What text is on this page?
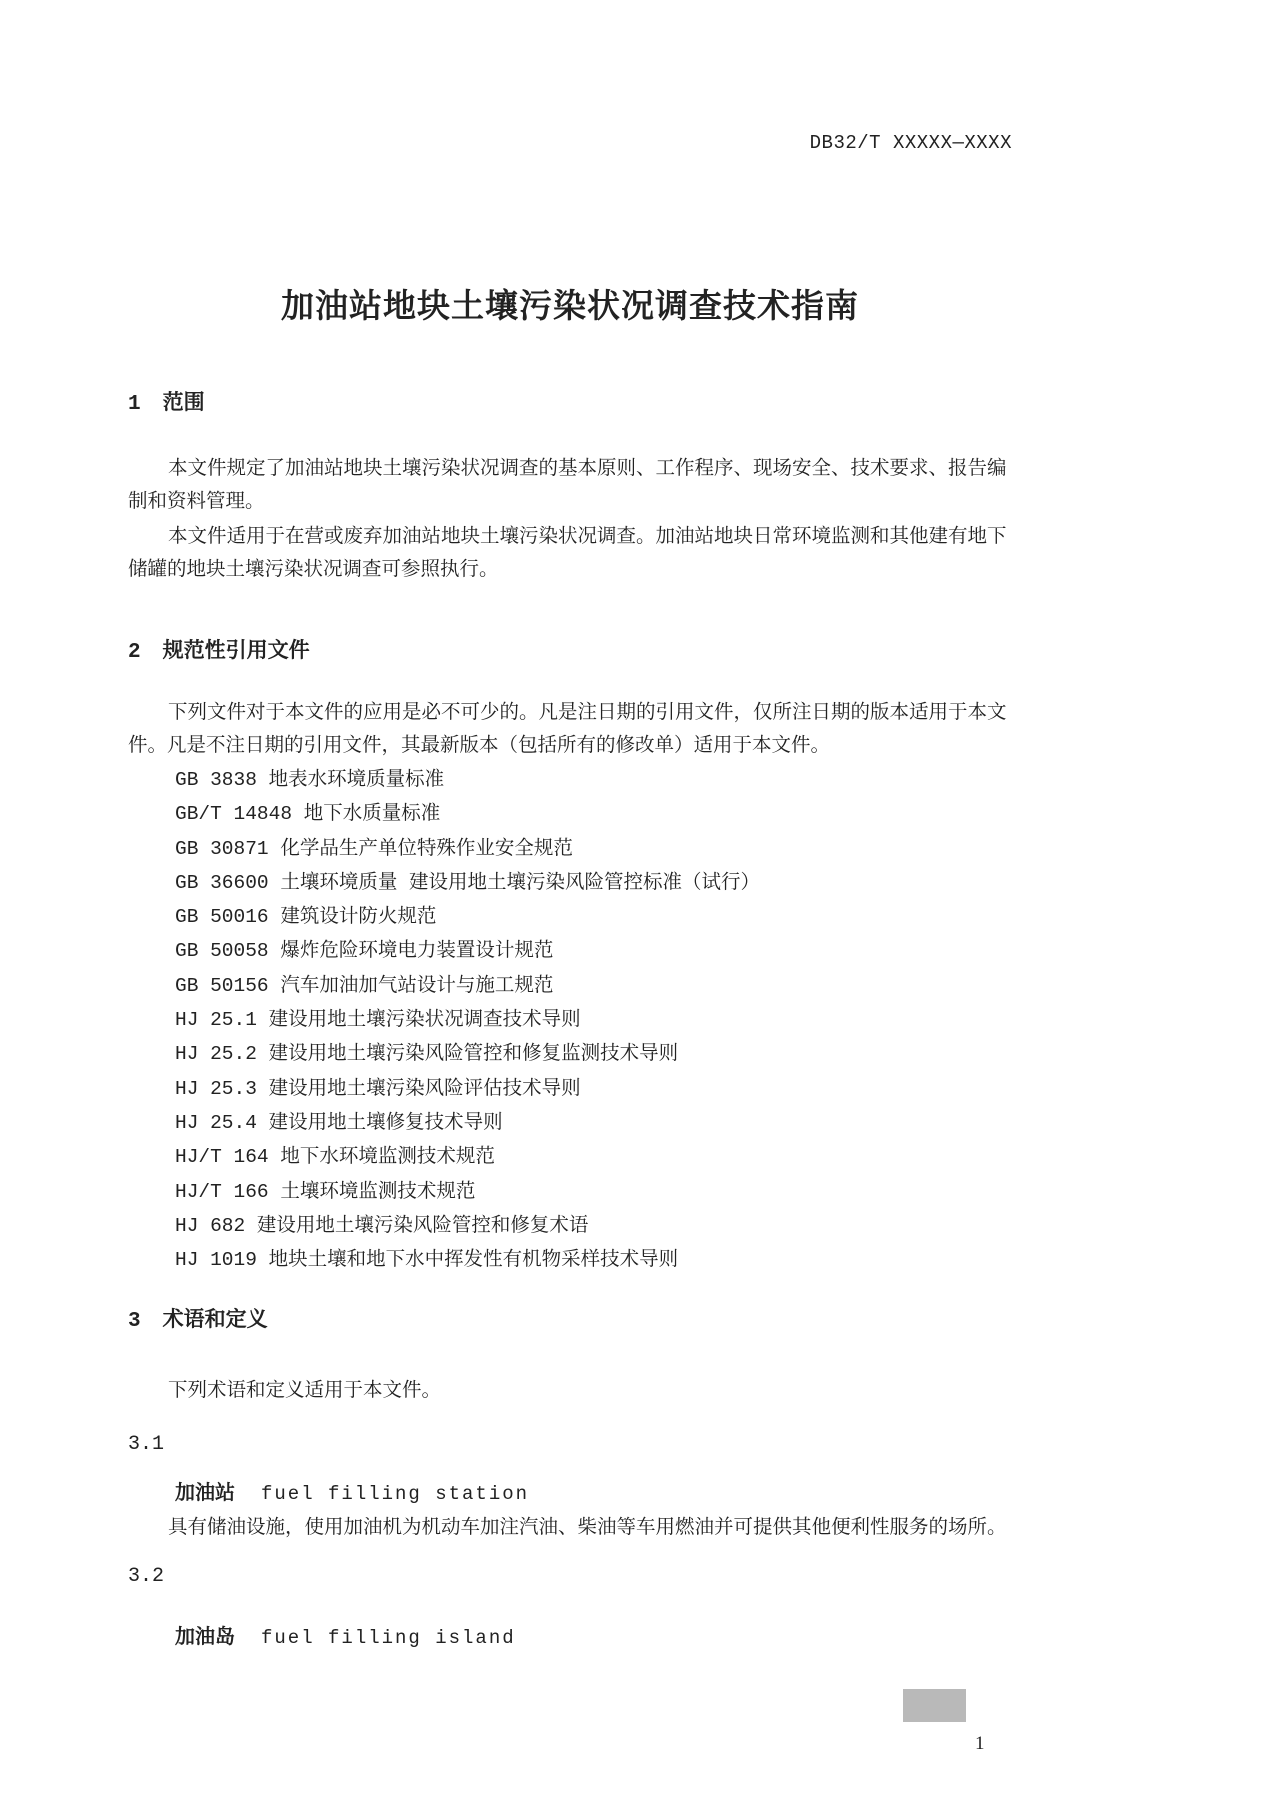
DB32/T XXXXX—XXXX
加油站地块土壤污染状况调查技术指南
1 范围
本文件规定了加油站地块土壤污染状况调查的基本原则、工作程序、现场安全、技术要求、报告编
制和资料管理。
本文件适用于在营或废弃加油站地块土壤污染状况调查。加油站地块日常环境监测和其他建有地下
储罐的地块土壤污染状况调查可参照执行。
2 规范性引用文件
下列文件对于本文件的应用是必不可少的。凡是注日期的引用文件，仅所注日期的版本适用于本文
件。凡是不注日期的引用文件，其最新版本（包括所有的修改单）适用于本文件。
GB 3838 地表水环境质量标准
GB/T 14848 地下水质量标准
GB 30871 化学品生产单位特殊作业安全规范
GB 36600 土壤环境质量 建设用地土壤污染风险管控标准（试行）
GB 50016 建筑设计防火规范
GB 50058 爆炸危险环境电力装置设计规范
GB 50156 汽车加油加气站设计与施工规范
HJ 25.1 建设用地土壤污染状况调查技术导则
HJ 25.2 建设用地土壤污染风险管控和修复监测技术导则
HJ 25.3 建设用地土壤污染风险评估技术导则
HJ 25.4 建设用地土壤修复技术导则
HJ/T 164 地下水环境监测技术规范
HJ/T 166 土壤环境监测技术规范
HJ 682 建设用地土壤污染风险管控和修复术语
HJ 1019 地块土壤和地下水中挥发性有机物采样技术导则
3 术语和定义
下列术语和定义适用于本文件。
3.1
加油站 fuel filling station
具有储油设施，使用加油机为机动车加注汽油、柴油等车用燃油并可提供其他便利性服务的场所。
3.2
加油岛 fuel filling island
1
